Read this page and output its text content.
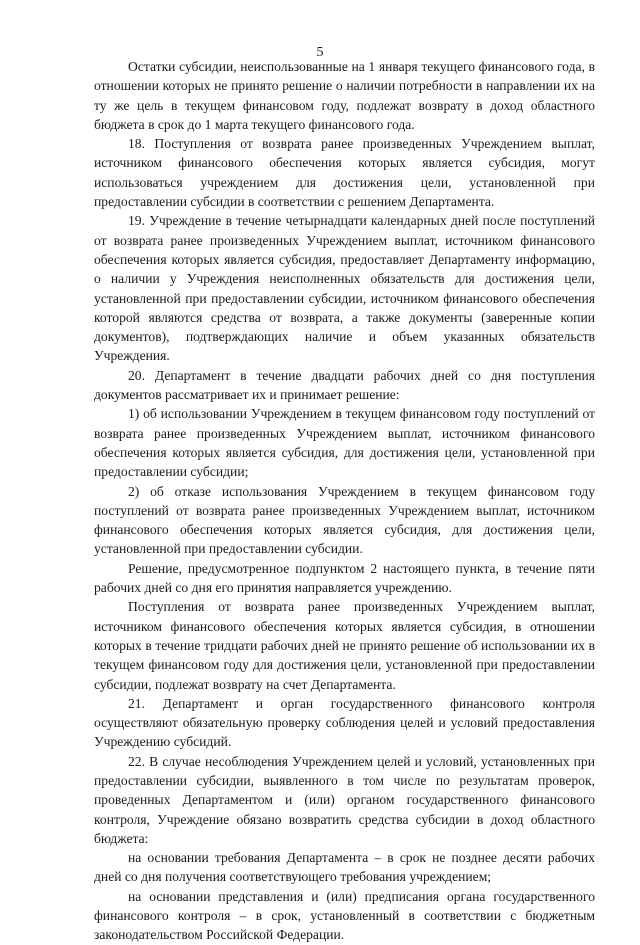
5

Остатки субсидии, неиспользованные на 1 января текущего финансового года, в отношении которых не принято решение о наличии потребности в направлении их на ту же цель в текущем финансовом году, подлежат возврату в доход областного бюджета в срок до 1 марта текущего финансового года.

18. Поступления от возврата ранее произведенных Учреждением выплат, источником финансового обеспечения которых является субсидия, могут использоваться учреждением для достижения цели, установленной при предоставлении субсидии в соответствии с решением Департамента.

19. Учреждение в течение четырнадцати календарных дней после поступлений от возврата ранее произведенных Учреждением выплат, источником финансового обеспечения которых является субсидия, предоставляет Департаменту информацию, о наличии у Учреждения неисполненных обязательств для достижения цели, установленной при предоставлении субсидии, источником финансового обеспечения которой являются средства от возврата, а также документы (заверенные копии документов), подтверждающих наличие и объем указанных обязательств Учреждения.

20. Департамент в течение двадцати рабочих дней со дня поступления документов рассматривает их и принимает решение:

1) об использовании Учреждением в текущем финансовом году поступлений от возврата ранее произведенных Учреждением выплат, источником финансового обеспечения которых является субсидия, для достижения цели, установленной при предоставлении субсидии;

2) об отказе использования Учреждением в текущем финансовом году поступлений от возврата ранее произведенных Учреждением выплат, источником финансового обеспечения которых является субсидия, для достижения цели, установленной при предоставлении субсидии.

Решение, предусмотренное подпунктом 2 настоящего пункта, в течение пяти рабочих дней со дня его принятия направляется учреждению.

Поступления от возврата ранее произведенных Учреждением выплат, источником финансового обеспечения которых является субсидия, в отношении которых в течение тридцати рабочих дней не принято решение об использовании их в текущем финансовом году для достижения цели, установленной при предоставлении субсидии, подлежат возврату на счет Департамента.

21. Департамент и орган государственного финансового контроля осуществляют обязательную проверку соблюдения целей и условий предоставления Учреждению субсидий.

22. В случае несоблюдения Учреждением целей и условий, установленных при предоставлении субсидии, выявленного в том числе по результатам проверок, проведенных Департаментом и (или) органом государственного финансового контроля, Учреждение обязано возвратить средства субсидии в доход областного бюджета:

на основании требования Департамента – в срок не позднее десяти рабочих дней со дня получения соответствующего требования учреждением;

на основании представления и (или) предписания органа государственного финансового контроля – в срок, установленный в соответствии с бюджетным законодательством Российской Федерации.
